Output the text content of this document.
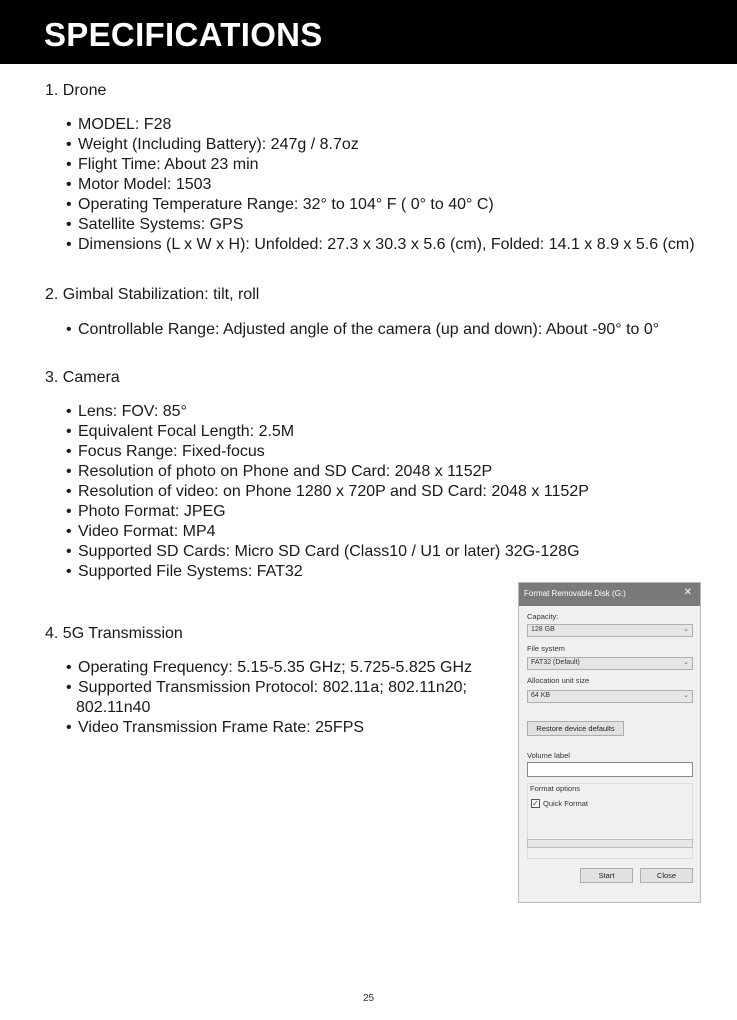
SPECIFICATIONS
1. Drone
• MODEL: F28
• Weight (Including Battery): 247g / 8.7oz
• Flight Time: About 23 min
• Motor Model: 1503
• Operating Temperature Range: 32° to 104° F ( 0° to 40° C)
• Satellite Systems: GPS
• Dimensions (L x W x H): Unfolded: 27.3 x 30.3 x 5.6 (cm), Folded: 14.1 x 8.9 x 5.6 (cm)
2. Gimbal Stabilization: tilt, roll
• Controllable Range: Adjusted angle of the camera (up and down): About -90° to 0°
3. Camera
• Lens: FOV: 85°
• Equivalent Focal Length: 2.5M
• Focus Range: Fixed-focus
• Resolution of photo on Phone and SD Card: 2048 x 1152P
• Resolution of video: on Phone 1280 x 720P and SD Card: 2048 x 1152P
• Photo Format: JPEG
• Video Format: MP4
• Supported SD Cards: Micro SD Card (Class10 / U1 or later) 32G-128G
• Supported File Systems: FAT32
4. 5G Transmission
• Operating Frequency: 5.15-5.35 GHz; 5.725-5.825 GHz
• Supported Transmission Protocol: 802.11a; 802.11n20;
802.11n40
• Video Transmission Frame Rate: 25FPS
Format Removable Disk (G:)	✕
Capacity:
128 GB	⌄
File system
FAT32 (Default)	⌄
Allocation unit size
64 KB	⌄
Restore device defaults
Volume label
Format options
✓ Quick Format
Start	Close
25
